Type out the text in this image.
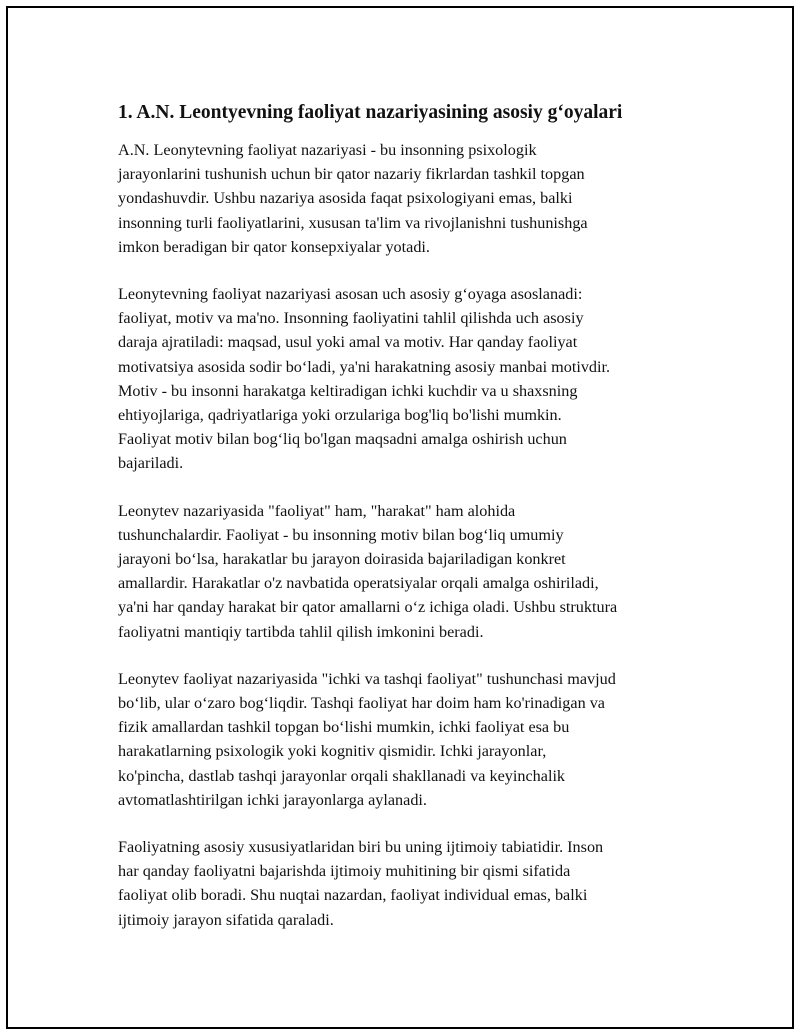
1. A.N. Leontyevning faoliyat nazariyasining asosiy g‘oyalari

A.N. Leonytevning faoliyat nazariyasi - bu insonning psixologik
jarayonlarini tushunish uchun bir qator nazariy fikrlardan tashkil topgan
yondashuvdir. Ushbu nazariya asosida faqat psixologiyani emas, balki
insonning turli faoliyatlarini, xususan ta'lim va rivojlanishni tushunishga
imkon beradigan bir qator konsepxiyalar yotadi.

Leonytevning faoliyat nazariyasi asosan uch asosiy g‘oyaga asoslanadi:
faoliyat, motiv va ma'no. Insonning faoliyatini tahlil qilishda uch asosiy
daraja ajratiladi: maqsad, usul yoki amal va motiv. Har qanday faoliyat
motivatsiya asosida sodir bo‘ladi, ya'ni harakatning asosiy manbai motivdir.
Motiv - bu insonni harakatga keltiradigan ichki kuchdir va u shaxsning
ehtiyojlariga, qadriyatlariga yoki orzulariga bog'liq bo'lishi mumkin.
Faoliyat motiv bilan bog‘liq bo'lgan maqsadni amalga oshirish uchun
bajariladi.

Leonytev nazariyasida "faoliyat" ham, "harakat" ham alohida
tushunchalardir. Faoliyat - bu insonning motiv bilan bog‘liq umumiy
jarayoni bo‘lsa, harakatlar bu jarayon doirasida bajariladigan konkret
amallardir. Harakatlar o'z navbatida operatsiyalar orqali amalga oshiriladi,
ya'ni har qanday harakat bir qator amallarni o‘z ichiga oladi. Ushbu struktura
faoliyatni mantiqiy tartibda tahlil qilish imkonini beradi.

Leonytev faoliyat nazariyasida "ichki va tashqi faoliyat" tushunchasi mavjud
bo‘lib, ular o‘zaro bog‘liqdir. Tashqi faoliyat har doim ham ko'rinadigan va
fizik amallardan tashkil topgan bo‘lishi mumkin, ichki faoliyat esa bu
harakatlarning psixologik yoki kognitiv qismidir. Ichki jarayonlar,
ko'pincha, dastlab tashqi jarayonlar orqali shakllanadi va keyinchalik
avtomatlashtirilgan ichki jarayonlarga aylanadi.

Faoliyatning asosiy xususiyatlaridan biri bu uning ijtimoiy tabiatidir. Inson
har qanday faoliyatni bajarishda ijtimoiy muhitining bir qismi sifatida
faoliyat olib boradi. Shu nuqtai nazardan, faoliyat individual emas, balki
ijtimoiy jarayon sifatida qaraladi.
